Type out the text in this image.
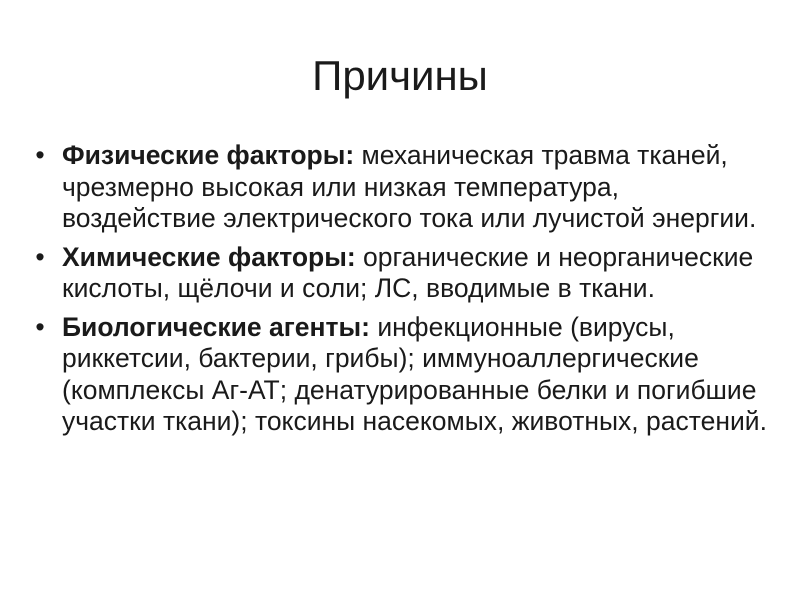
Причины
• Физические факторы: механическая травма тканей, чрезмерно высокая или низкая температура, воздействие электрического тока или лучистой энергии.
• Химические факторы: органические и неорганические кислоты, щёлочи и соли; ЛС, вводимые в ткани.
• Биологические агенты: инфекционные (вирусы, риккетсии, бактерии, грибы); иммуноаллергические (комплексы Аг-АТ; денатурированные белки и погибшие участки ткани); токсины насекомых, животных, растений.
